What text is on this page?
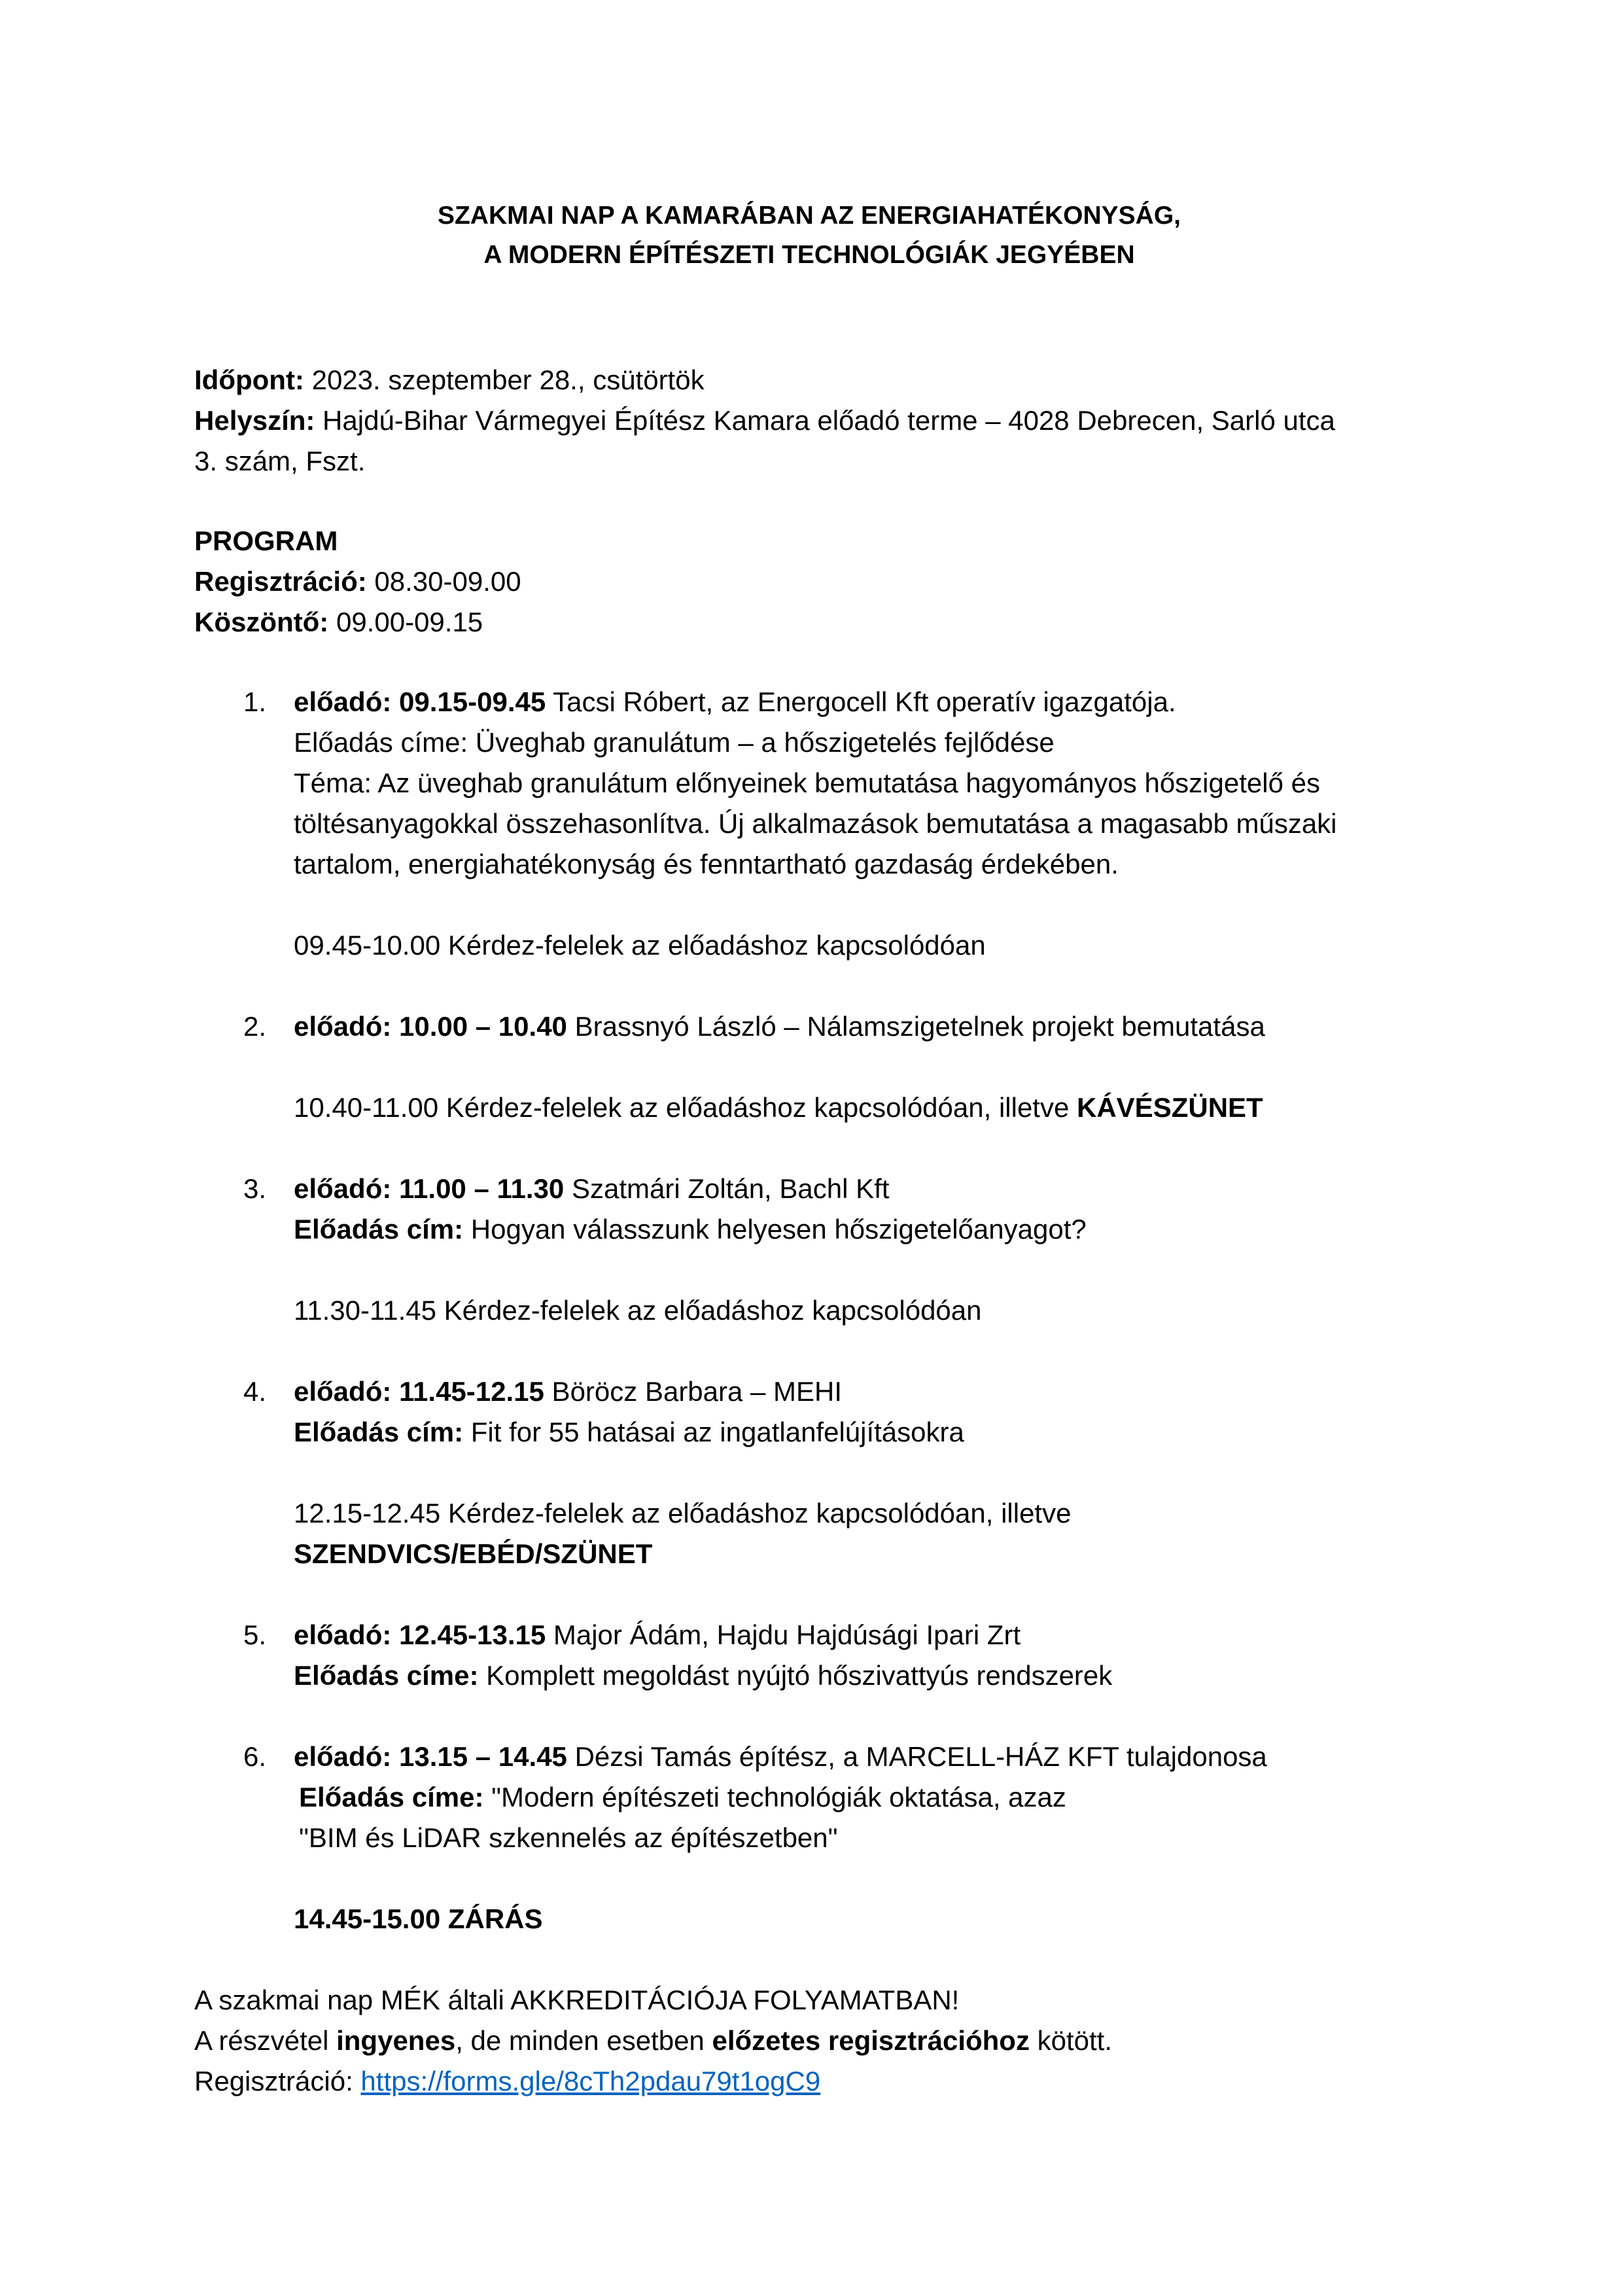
SZAKMAI NAP A KAMARÁBAN AZ ENERGIAHATÉKONYSÁG,
A MODERN ÉPÍTÉSZETI TECHNOLÓGIÁK JEGYÉBEN

Időpont: 2023. szeptember 28., csütörtök

Helyszín: Hajdú-Bihar Vármegyei Építész Kamara előadó terme – 4028 Debrecen, Sarló utca

3. szám, Fszt.

PROGRAM

Regisztráció: 08.30-09.00

Köszöntő: 09.00-09.15

1. előadó: 09.15-09.45 Tacsi Róbert, az Energocell Kft operatív igazgatója.

Előadás címe: Üveghab granulátum – a hőszigetelés fejlődése

Téma: Az üveghab granulátum előnyeinek bemutatása hagyományos hőszigetelő és

töltésanyagokkal összehasonlítva. Új alkalmazások bemutatása a magasabb műszaki

tartalom, energiahatékonyság és fenntartható gazdaság érdekében.

09.45-10.00 Kérdez-felelek az előadáshoz kapcsolódóan

2. előadó: 10.00 – 10.40 Brassnyó László – Nálamszigetelnek projekt bemutatása

10.40-11.00 Kérdez-felelek az előadáshoz kapcsolódóan, illetve KÁVÉSZÜNET

3. előadó: 11.00 – 11.30 Szatmári Zoltán, Bachl Kft

Előadás cím: Hogyan válasszunk helyesen hőszigetelőanyagot?

11.30-11.45 Kérdez-felelek az előadáshoz kapcsolódóan

4. előadó: 11.45-12.15 Böröcz Barbara – MEHI

Előadás cím: Fit for 55 hatásai az ingatlanfelújításokra

12.15-12.45 Kérdez-felelek az előadáshoz kapcsolódóan, illetve

SZENDVICS/EBÉD/SZÜNET

5. előadó: 12.45-13.15 Major Ádám, Hajdu Hajdúsági Ipari Zrt

Előadás címe: Komplett megoldást nyújtó hőszivattyús rendszerek

6. előadó: 13.15 – 14.45 Dézsi Tamás építész, a MARCELL-HÁZ KFT tulajdonosa

Előadás címe: "Modern építészeti technológiák oktatása, azaz

"BIM és LiDAR szkennelés az építészetben"

14.45-15.00 ZÁRÁS

A szakmai nap MÉK általi AKKREDITÁCIÓJA FOLYAMATBAN!

A részvétel ingyenes, de minden esetben előzetes regisztrációhoz kötött.

Regisztráció: https://forms.gle/8cTh2pdau79t1ogC9
